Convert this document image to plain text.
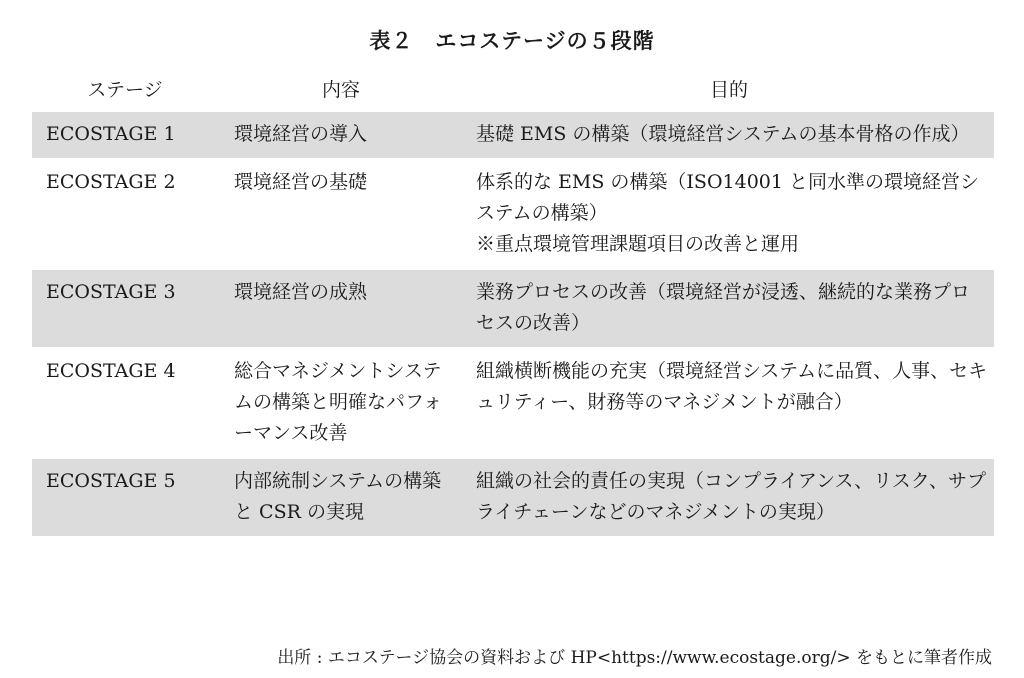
表２　エコステージの５段階
ステージ	内容	目的
ECOSTAGE 1	環境経営の導入	基礎 EMS の構築（環境経営システムの基本骨格の作成）
ECOSTAGE 2	環境経営の基礎	体系的な EMS の構築（ISO14001 と同水準の環境経営システムの構築）
※重点環境管理課題項目の改善と運用

ECOSTAGE 3	環境経営の成熟	業務プロセスの改善（環境経営が浸透、継続的な業務プロセスの改善）
ECOSTAGE 4	総合マネジメントシステムの構築と明確なパフォーマンス改善	組織横断機能の充実（環境経営システムに品質、人事、セキュリティー、財務等のマネジメントが融合）
ECOSTAGE 5	内部統制システムの構築と CSR の実現	組織の社会的責任の実現（コンプライアンス、リスク、サプライチェーンなどのマネジメントの実現）
出所 : エコステージ協会の資料および HP<https://www.ecostage.org/> をもとに筆者作成
